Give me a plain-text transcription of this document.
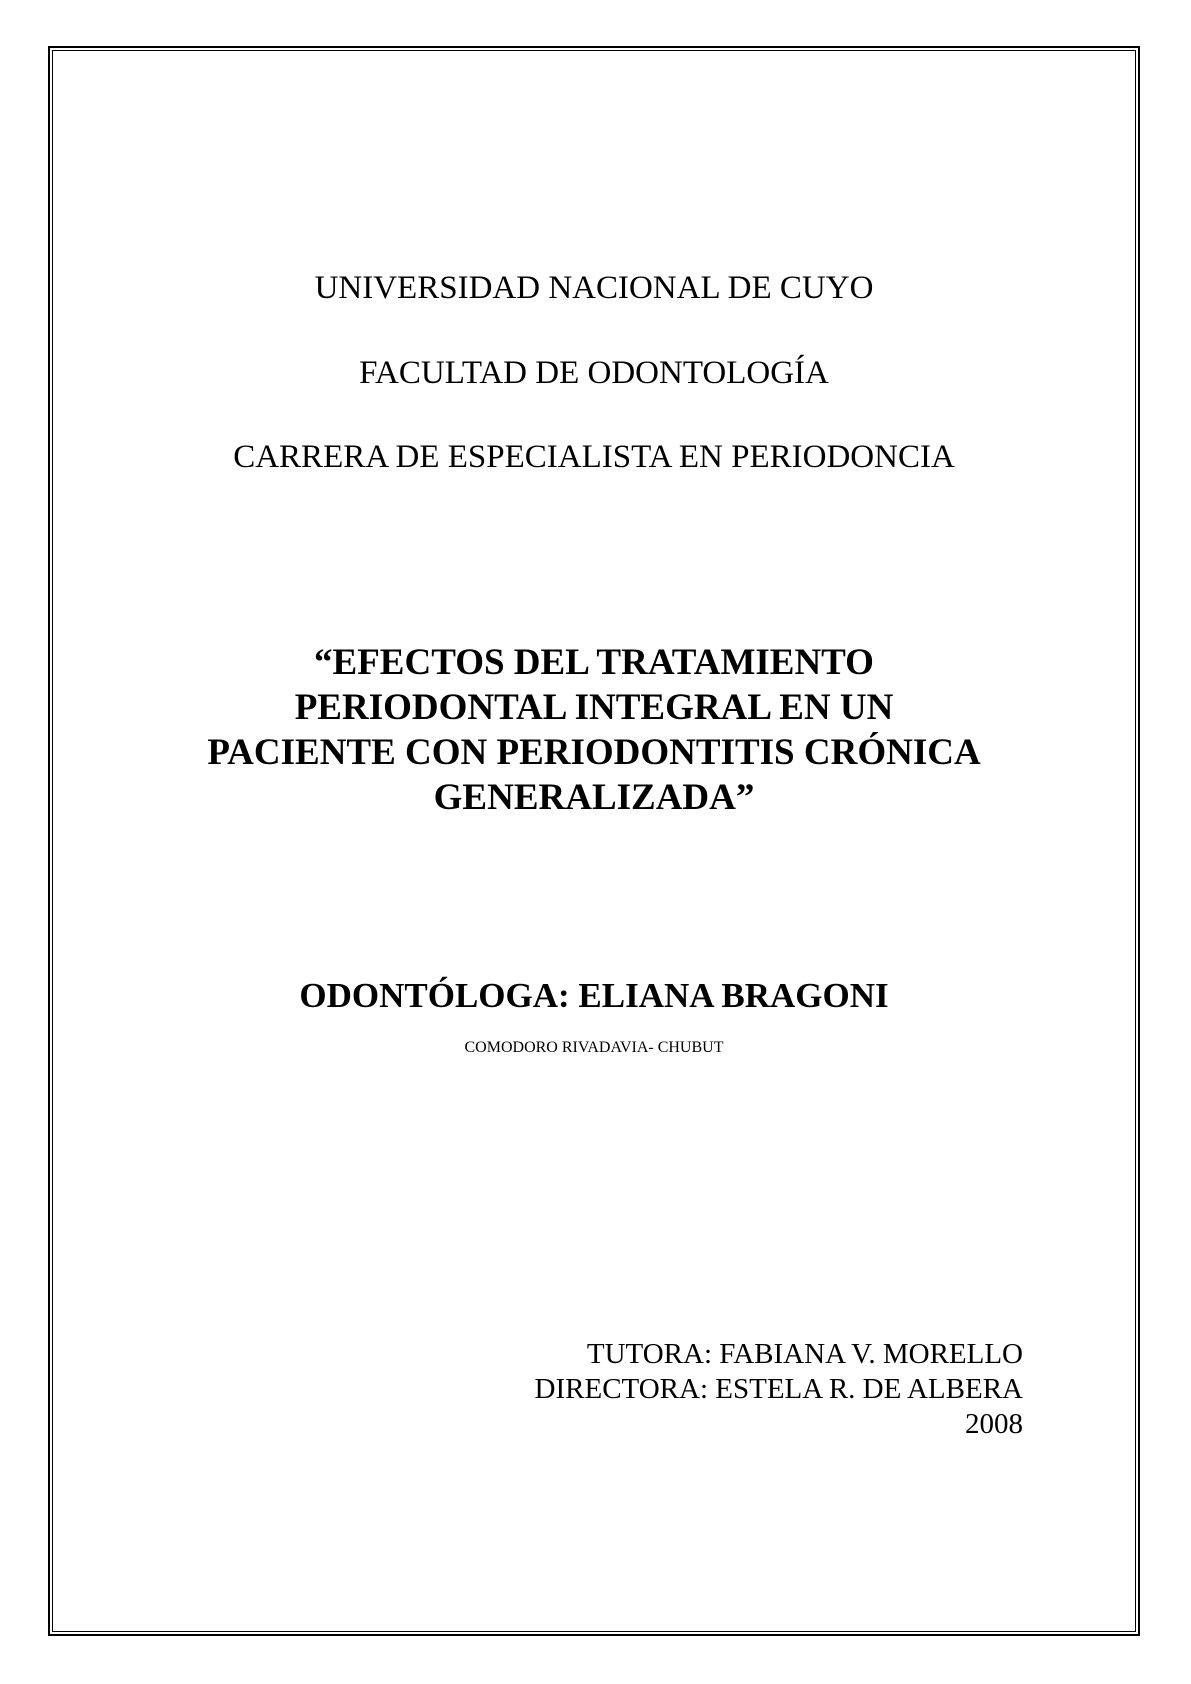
UNIVERSIDAD NACIONAL DE CUYO
FACULTAD DE ODONTOLOGÍA
CARRERA DE ESPECIALISTA EN PERIODONCIA
“EFECTOS DEL TRATAMIENTO
PERIODONTAL INTEGRAL EN UN
PACIENTE CON PERIODONTITIS CRÓNICA
GENERALIZADA”
ODONTÓLOGA: ELIANA BRAGONI
COMODORO RIVADAVIA- CHUBUT
TUTORA: FABIANA V. MORELLO
DIRECTORA: ESTELA R. DE ALBERA
2008
